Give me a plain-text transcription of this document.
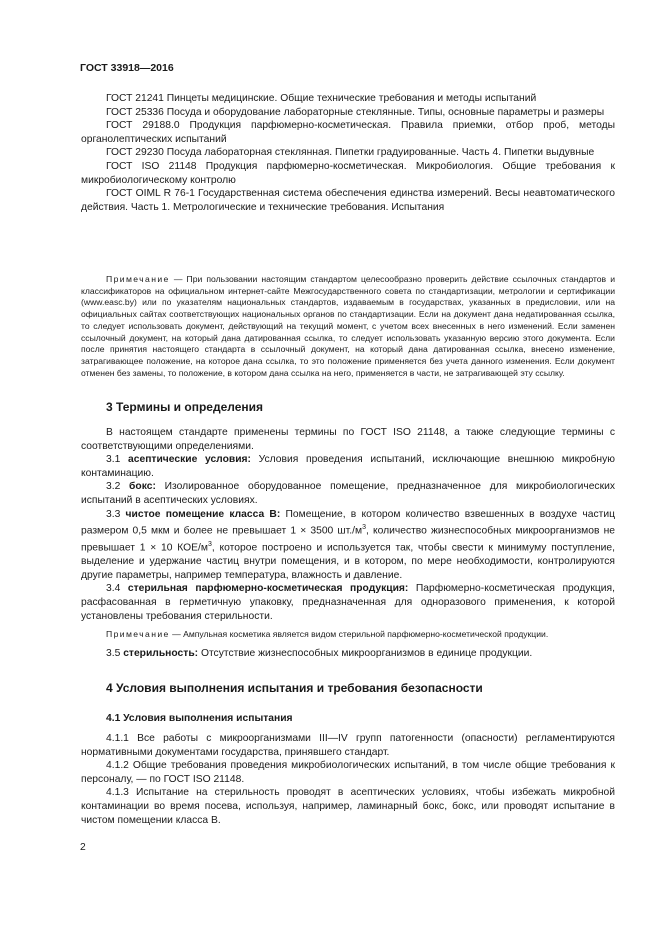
ГОСТ 33918—2016

ГОСТ 21241 Пинцеты медицинские. Общие технические требования и методы испытаний

ГОСТ 25336 Посуда и оборудование лабораторные стеклянные. Типы, основные параметры и размеры

ГОСТ 29188.0 Продукция парфюмерно-косметическая. Правила приемки, отбор проб, методы органолептических испытаний

ГОСТ 29230 Посуда лабораторная стеклянная. Пипетки градуированные. Часть 4. Пипетки выдувные

ГОСТ ISO 21148 Продукция парфюмерно-косметическая. Микробиология. Общие требования к микробиологическому контролю

ГОСТ OIML R 76-1 Государственная система обеспечения единства измерений. Весы неавтоматического действия. Часть 1. Метрологические и технические требования. Испытания

Примечание — При пользовании настоящим стандартом целесообразно проверить действие ссылочных стандартов и классификаторов на официальном интернет-сайте Межгосударственного совета по стандартизации, метрологии и сертификации (www.easc.by) или по указателям национальных стандартов, издаваемым в государствах, указанных в предисловии, или на официальных сайтах соответствующих национальных органов по стандартизации. Если на документ дана недатированная ссылка, то следует использовать документ, действующий на текущий момент, с учетом всех внесенных в него изменений. Если заменен ссылочный документ, на который дана датированная ссылка, то следует использовать указанную версию этого документа. Если после принятия настоящего стандарта в ссылочный документ, на который дана датированная ссылка, внесено изменение, затрагивающее положение, на которое дана ссылка, то это положение применяется без учета данного изменения. Если документ отменен без замены, то положение, в котором дана ссылка на него, применяется в части, не затрагивающей эту ссылку.

3 Термины и определения

В настоящем стандарте применены термины по ГОСТ ISO 21148, а также следующие термины с соответствующими определениями.

3.1 асептические условия: Условия проведения испытаний, исключающие внешнюю микробную контаминацию.

3.2 бокс: Изолированное оборудованное помещение, предназначенное для микробиологических испытаний в асептических условиях.

3.3 чистое помещение класса В: Помещение, в котором количество взвешенных в воздухе частиц размером 0,5 мкм и более не превышает 1 × 3500 $шт./м^3$, количество жизнеспособных микроорганизмов не превышает 1 × 10 КОЕ/$м^3$, которое построено и используется так, чтобы свести к минимуму поступление, выделение и удержание частиц внутри помещения, и в котором, по мере необходимости, контролируются другие параметры, например температура, влажность и давление.

3.4 стерильная парфюмерно-косметическая продукция: Парфюмерно-косметическая продукция, расфасованная в герметичную упаковку, предназначенная для одноразового применения, к которой установлены требования стерильности.

Примечание — Ампульная косметика является видом стерильной парфюмерно-косметической продукции.

3.5 стерильность: Отсутствие жизнеспособных микроорганизмов в единице продукции.

4 Условия выполнения испытания и требования безопасности
4.1 Условия выполнения испытания

4.1.1 Все работы с микроорганизмами III—IV групп патогенности (опасности) регламентируются нормативными документами государства, принявшего стандарт.

4.1.2 Общие требования проведения микробиологических испытаний, в том числе общие требования к персоналу, — по ГОСТ ISO 21148.

4.1.3 Испытание на стерильность проводят в асептических условиях, чтобы избежать микробной контаминации во время посева, используя, например, ламинарный бокс, бокс, или проводят испытание в чистом помещении класса В.

2
